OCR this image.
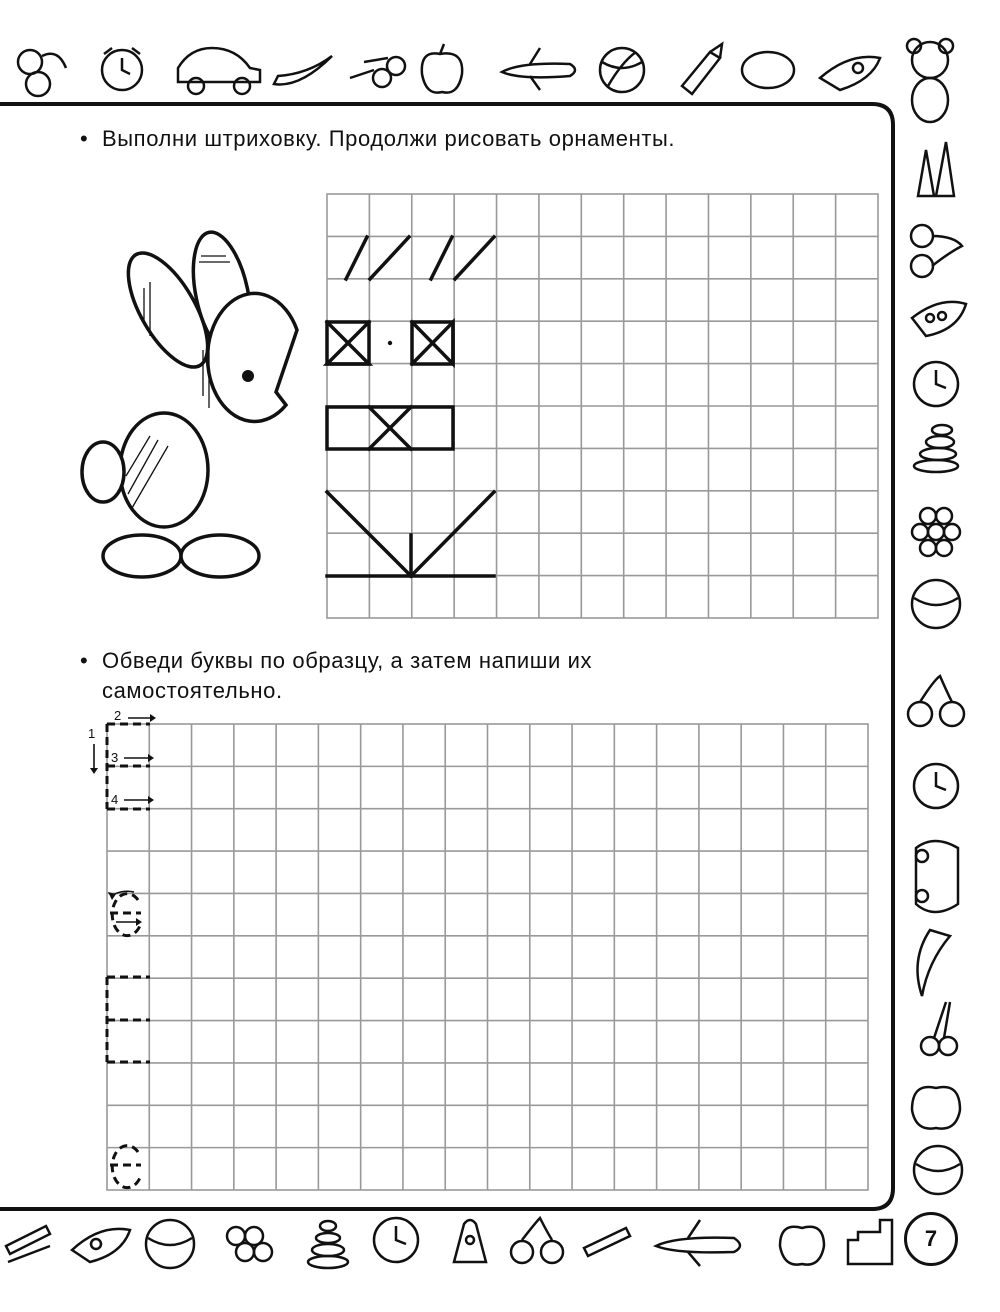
• Выполни штриховку. Продолжи рисовать орнаменты.
• Обведи буквы по образцу, а затем напиши их
самостоятельно.
7
1
2
3
4
